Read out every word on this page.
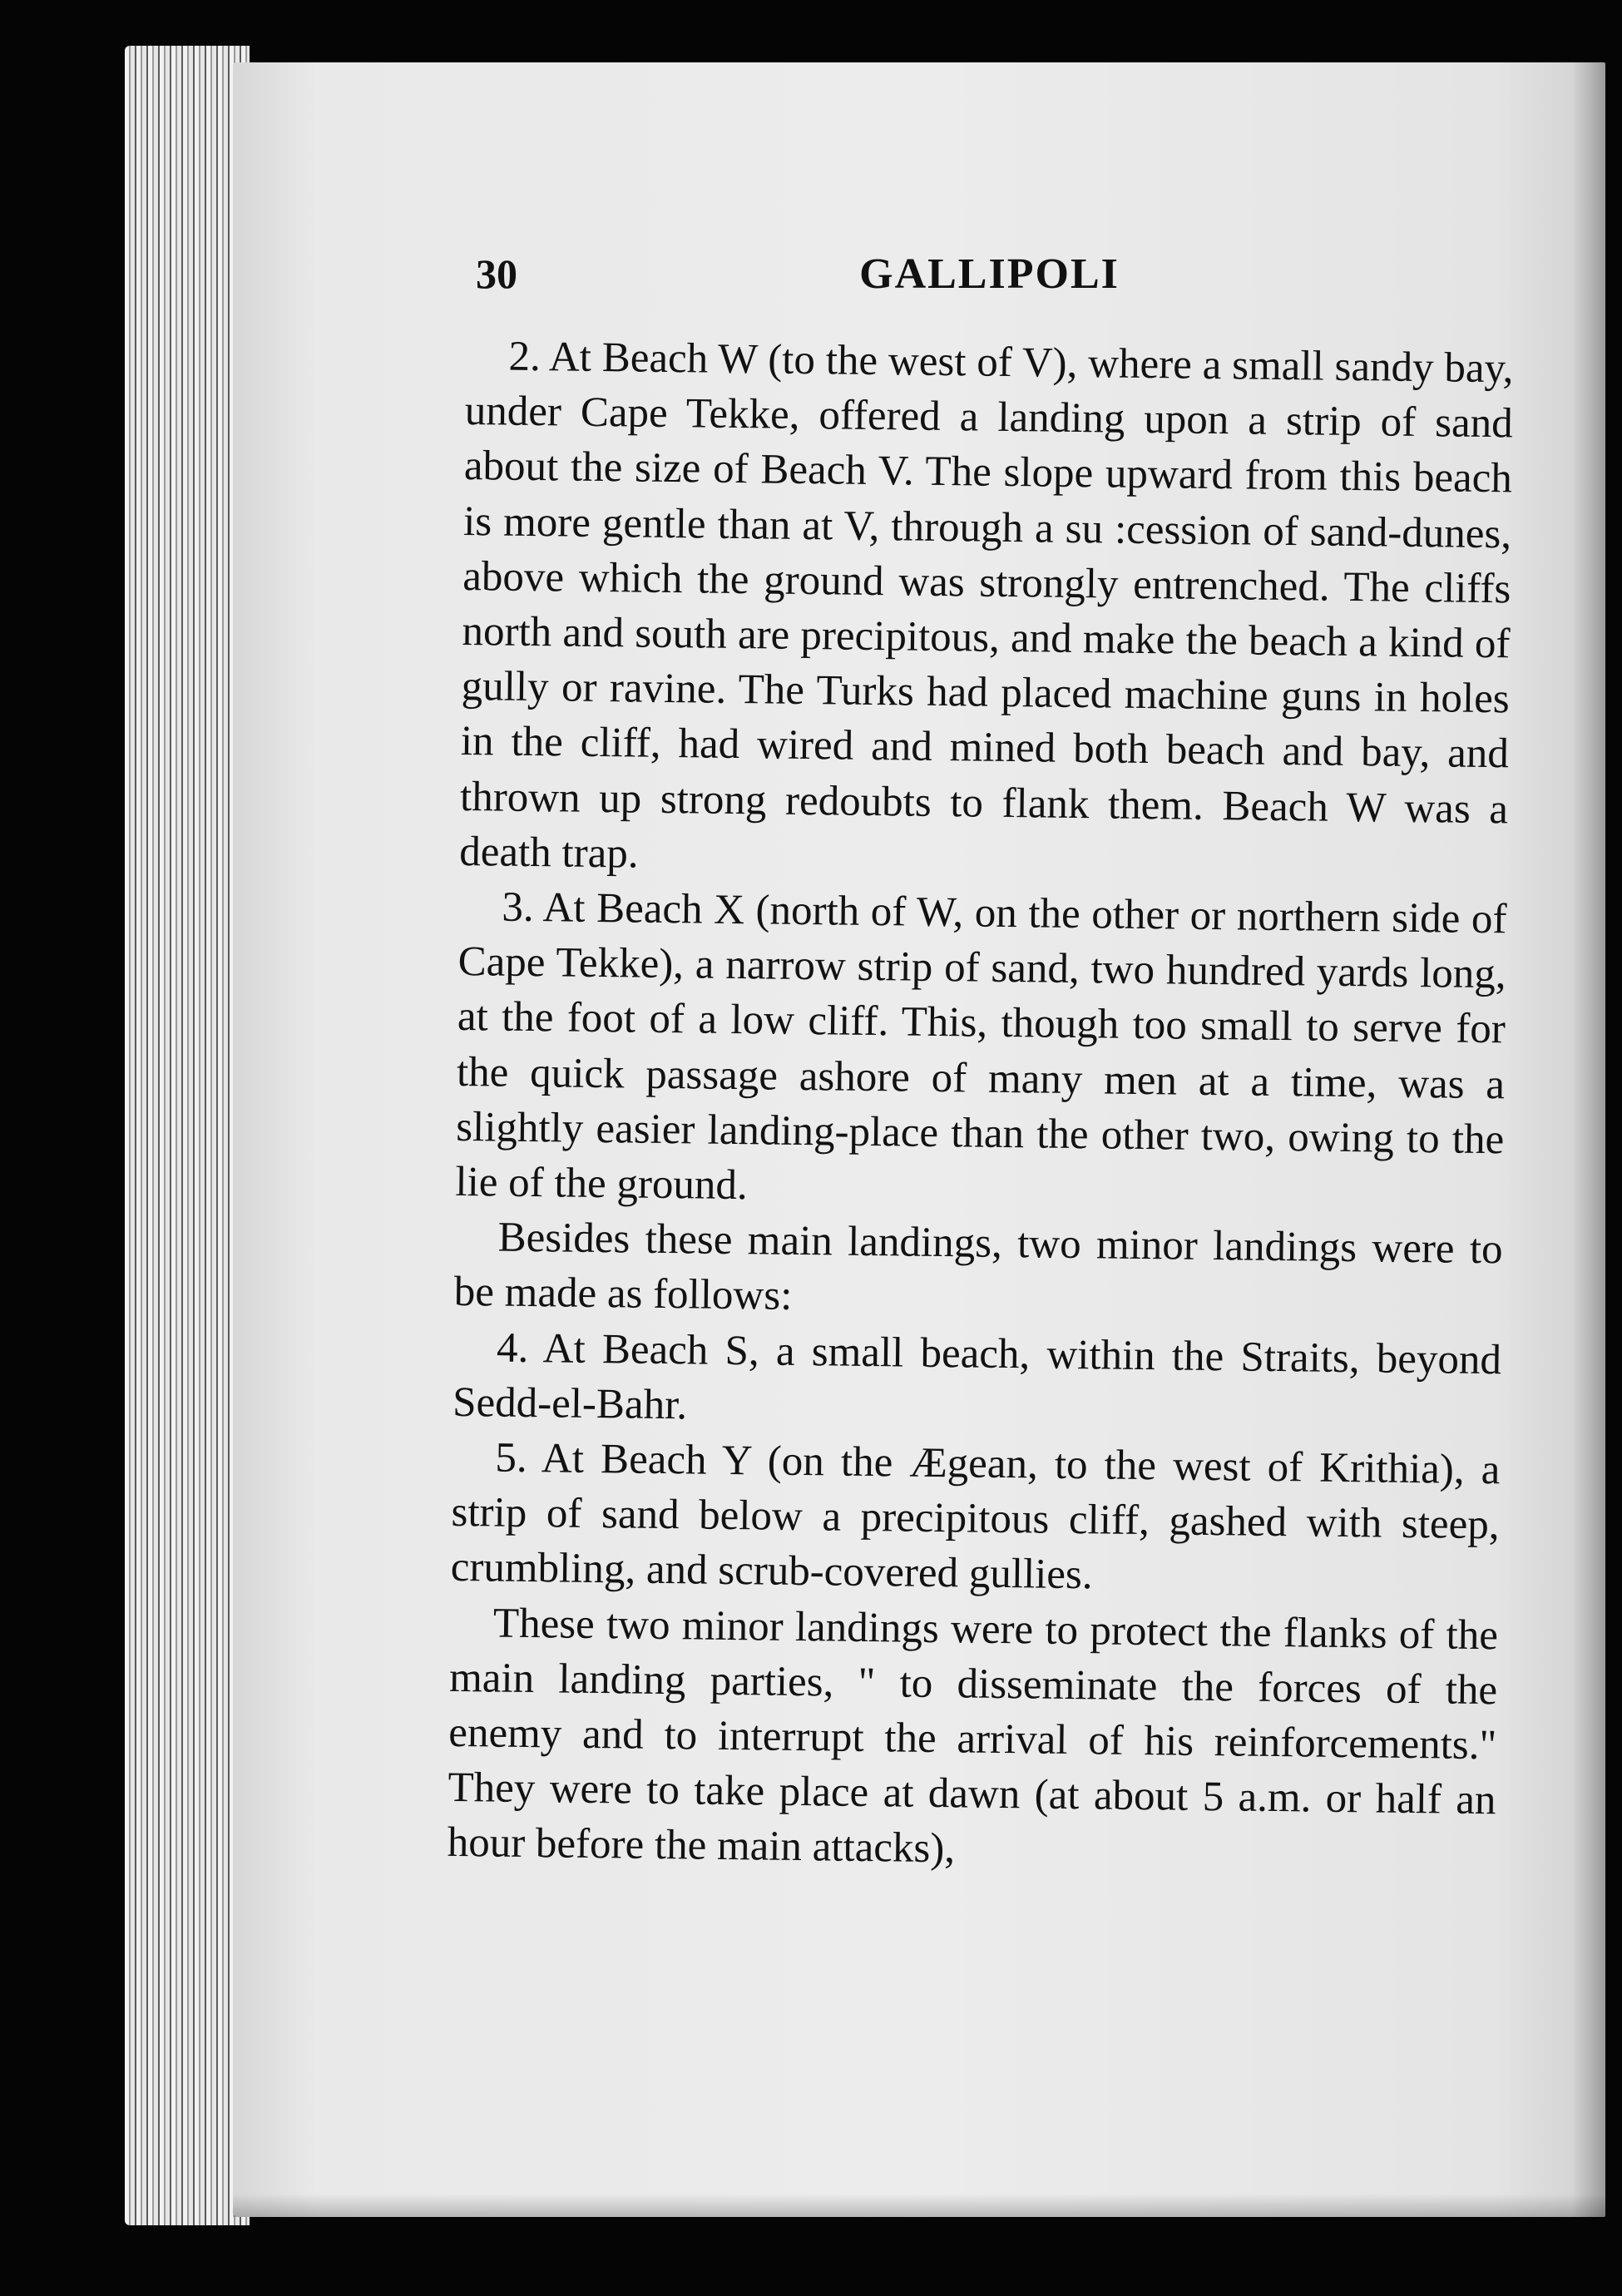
30	GALLIPOLI

2. At Beach W (to the west of V), where a small sandy bay, under Cape Tekke, offered a landing upon a strip of sand about the size of Beach V. The slope upward from this beach is more gentle than at V, through a su :cession of sand-dunes, above which the ground was strongly entrenched. The cliffs north and south are precipitous, and make the beach a kind of gully or ravine. The Turks had placed machine guns in holes in the cliff, had wired and mined both beach and bay, and thrown up strong redoubts to flank them. Beach W was a death trap.

3. At Beach X (north of W, on the other or northern side of Cape Tekke), a narrow strip of sand, two hundred yards long, at the foot of a low cliff. This, though too small to serve for the quick passage ashore of many men at a time, was a slightly easier landing-place than the other two, owing to the lie of the ground.

Besides these main landings, two minor landings were to be made as follows:

4. At Beach S, a small beach, within the Straits, beyond Sedd-el-Bahr.

5. At Beach Y (on the Ægean, to the west of Krithia), a strip of sand below a precipitous cliff, gashed with steep, crumbling, and scrub-covered gullies.

These two minor landings were to protect the flanks of the main landing parties, " to disseminate the forces of the enemy and to interrupt the arrival of his reinforcements." They were to take place at dawn (at about 5 a.m. or half an hour before the main attacks),
